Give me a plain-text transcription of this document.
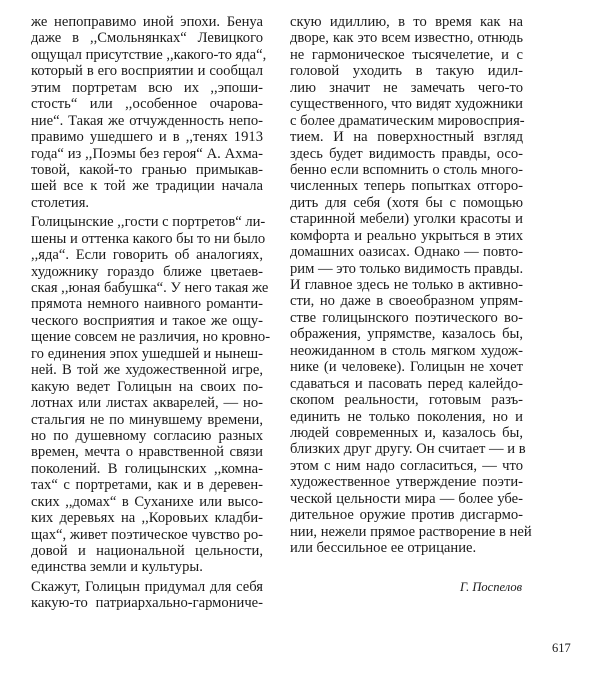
же непоправимо иной эпохи. Бенуа
даже в ,,Смольнянках“ Левицкого
ощущал присутствие ,,какого-то яда“,
который в его восприятии и сообщал
этим портретам всю их ,,эпоши-
стость“ или ,,особенное очарова-
ние“. Такая же отчужденность непо-
правимо ушедшего и в ,,тенях 1913
года“ из ,,Поэмы без героя“ А. Ахма-
товой, какой-то гранью примыкав-
шей все к той же традиции начала
столетия.
Голицынские ,,гости с портретов“ ли-
шены и оттенка какого бы то ни было
,,яда“. Если говорить об аналогиях,
художнику гораздо ближе цветаев-
ская ,,юная бабушка“. У него такая же
прямота немного наивного романти-
ческого восприятия и такое же ощу-
щение совсем не различия, но кровно-
го единения эпох ушедшей и нынеш-
ней. В той же художественной игре,
какую ведет Голицын на своих по-
лотнах или листах акварелей, — но-
стальгия не по минувшему времени,
но по душевному согласию разных
времен, мечта о нравственной связи
поколений. В голицынских ,,комна-
тах“ с портретами, как и в деревен-
ских ,,домах“ в Суханихе или высо-
ких деревьях на ,,Коровьих кладби-
щах“, живет поэтическое чувство ро-
довой и национальной цельности,
единства земли и культуры.
Скажут, Голицын придумал для себя
какую-то патриархально-гармониче-
скую идиллию, в то время как на
дворе, как это всем известно, отнюдь
не гармоническое тысячелетие, и с
головой уходить в такую идил-
лию значит не замечать чего-то
существенного, что видят художники
с более драматическим мировосприя-
тием. И на поверхностный взгляд
здесь будет видимость правды, осо-
бенно если вспомнить о столь много-
численных теперь попытках отгоро-
дить для себя (хотя бы с помощью
старинной мебели) уголки красоты и
комфорта и реально укрыться в этих
домашних оазисах. Однако — повто-
рим — это только видимость правды.
И главное здесь не только в активно-
сти, но даже в своеобразном упрям-
стве голицынского поэтического во-
ображения, упрямстве, казалось бы,
неожиданном в столь мягком худож-
нике (и человеке). Голицын не хочет
сдаваться и пасовать перед калейдо-
скопом реальности, готовым разъ-
единить не только поколения, но и
людей современных и, казалось бы,
близких друг другу. Он считает — и в
этом с ним надо согласиться, — что
художественное утверждение поэти-
ческой цельности мира — более убе-
дительное оружие против дисгармо-
нии, нежели прямое растворение в ней
или бессильное ее отрицание.
Г. Поспелов
617
